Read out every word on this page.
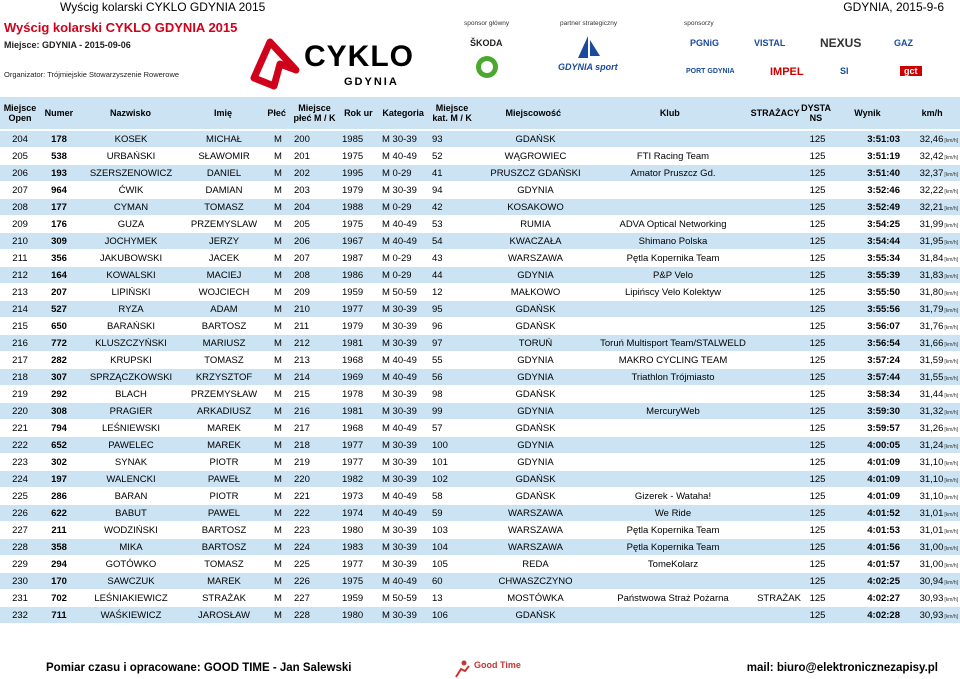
Wyścig kolarski CYKLO GDYNIA 2015	GDYNIA, 2015-9-6
Wyścig kolarski CYKLO GDYNIA 2015
Miejsce: GDYNIA - 2015-09-06
Organizator: Trójmiejskie Stowarzyszenie Rowerowe
CYKLO
GDYNIA
sponsor główny	partner strategiczny	sponsorzy
ŠKODA
GDYNIA sport
PGNiG	VISTAL	NEXUS	GAZ
PORT GDYNIA	IMPEL	SI	gct
Miejsce Open	Numer	Nazwisko	Imię	Płeć	Miejsce płeć M / K	Rok ur	Kategoria	Miejsce kat. M / K	Miejscowość	Klub	STRAŻACY	DYSTA NS	Wynik	km/h
204	178	KOSEK	MICHAŁ	M	200	1985	M 30-39	93	GDAŃSK			125	3:51:03	32,46[km/h]
205	538	URBAŃSKI	SŁAWOMIR	M	201	1975	M 40-49	52	WĄGROWIEC	FTI Racing Team		125	3:51:19	32,42[km/h]
206	193	SZERSZENOWICZ	DANIEL	M	202	1995	M 0-29	41	PRUSZCZ GDAŃSKI	Amator Pruszcz Gd.		125	3:51:40	32,37[km/h]
207	964	ĆWIK	DAMIAN	M	203	1979	M 30-39	94	GDYNIA			125	3:52:46	32,22[km/h]
208	177	CYMAN	TOMASZ	M	204	1988	M 0-29	42	KOSAKOWO			125	3:52:49	32,21[km/h]
209	176	GUZA	PRZEMYSLAW	M	205	1975	M 40-49	53	RUMIA	ADVA Optical Networking		125	3:54:25	31,99[km/h]
210	309	JOCHYMEK	JERZY	M	206	1967	M 40-49	54	KWACZAŁA	Shimano Polska		125	3:54:44	31,95[km/h]
211	356	JAKUBOWSKI	JACEK	M	207	1987	M 0-29	43	WARSZAWA	Pętla Kopernika Team		125	3:55:34	31,84[km/h]
212	164	KOWALSKI	MACIEJ	M	208	1986	M 0-29	44	GDYNIA	P&P Velo		125	3:55:39	31,83[km/h]
213	207	LIPIŃSKI	WOJCIECH	M	209	1959	M 50-59	12	MAŁKOWO	Lipińscy Velo Kolektyw		125	3:55:50	31,80[km/h]
214	527	RYZA	ADAM	M	210	1977	M 30-39	95	GDAŃSK			125	3:55:56	31,79[km/h]
215	650	BARAŃSKI	BARTOSZ	M	211	1979	M 30-39	96	GDAŃSK			125	3:56:07	31,76[km/h]
216	772	KLUSZCZYŃSKI	MARIUSZ	M	212	1981	M 30-39	97	TORUŃ	Toruń Multisport Team/STALWELD		125	3:56:54	31,66[km/h]
217	282	KRUPSKI	TOMASZ	M	213	1968	M 40-49	55	GDYNIA	MAKRO CYCLING TEAM		125	3:57:24	31,59[km/h]
218	307	SPRZĄCZKOWSKI	KRZYSZTOF	M	214	1969	M 40-49	56	GDYNIA	Triathlon Trójmiasto		125	3:57:44	31,55[km/h]
219	292	BLACH	PRZEMYSŁAW	M	215	1978	M 30-39	98	GDAŃSK			125	3:58:34	31,44[km/h]
220	308	PRAGIER	ARKADIUSZ	M	216	1981	M 30-39	99	GDYNIA	MercuryWeb		125	3:59:30	31,32[km/h]
221	794	LEŚNIEWSKI	MAREK	M	217	1968	M 40-49	57	GDAŃSK			125	3:59:57	31,26[km/h]
222	652	PAWELEC	MAREK	M	218	1977	M 30-39	100	GDYNIA			125	4:00:05	31,24[km/h]
223	302	SYNAK	PIOTR	M	219	1977	M 30-39	101	GDYNIA			125	4:01:09	31,10[km/h]
224	197	WALENCKI	PAWEŁ	M	220	1982	M 30-39	102	GDAŃSK			125	4:01:09	31,10[km/h]
225	286	BARAN	PIOTR	M	221	1973	M 40-49	58	GDAŃSK	Gizerek - Wataha!		125	4:01:09	31,10[km/h]
226	622	BABUT	PAWEL	M	222	1974	M 40-49	59	WARSZAWA	We Ride		125	4:01:52	31,01[km/h]
227	211	WODZIŃSKI	BARTOSZ	M	223	1980	M 30-39	103	WARSZAWA	Pętla Kopernika Team		125	4:01:53	31,01[km/h]
228	358	MIKA	BARTOSZ	M	224	1983	M 30-39	104	WARSZAWA	Pętla Kopernika Team		125	4:01:56	31,00[km/h]
229	294	GOTÓWKO	TOMASZ	M	225	1977	M 30-39	105	REDA	TomeKolarz		125	4:01:57	31,00[km/h]
230	170	SAWCZUK	MAREK	M	226	1975	M 40-49	60	CHWASZCZYNO			125	4:02:25	30,94[km/h]
231	702	LEŚNIAKIEWICZ	STRAŻAK	M	227	1959	M 50-59	13	MOSTÓWKA	Państwowa Straż Pożarna	STRAŻAK	125	4:02:27	30,93[km/h]
232	711	WAŚKIEWICZ	JAROSŁAW	M	228	1980	M 30-39	106	GDAŃSK			125	4:02:28	30,93[km/h]
Pomiar czasu i opracowane: GOOD TIME - Jan Salewski	Good Time	mail: biuro@elektronicznezapisy.pl
